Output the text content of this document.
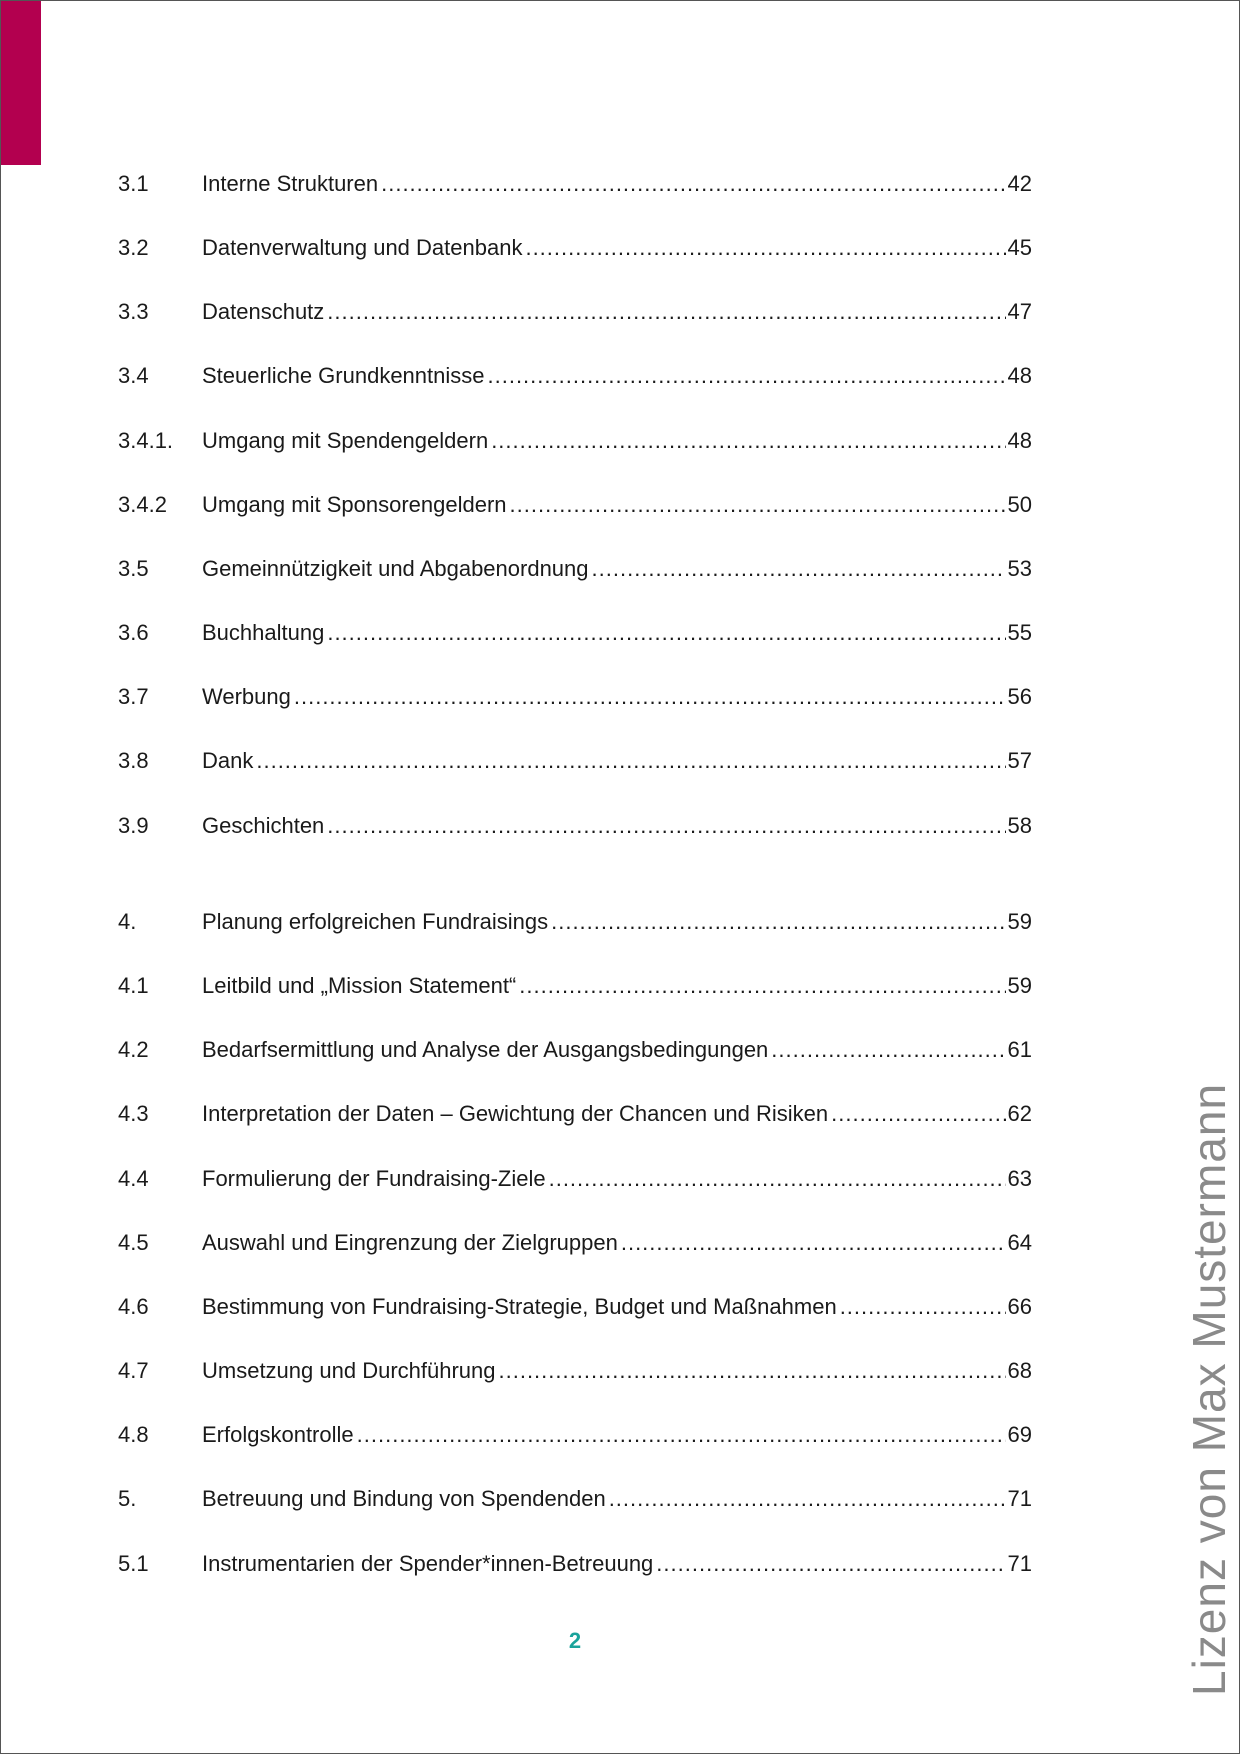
3.1	Interne Strukturen .....	42
3.2	Datenverwaltung und Datenbank .....	45
3.3	Datenschutz .....	47
3.4	Steuerliche Grundkenntnisse .....	48
3.4.1.	Umgang mit Spendengeldern .....	48
3.4.2	Umgang mit Sponsorengeldern .....	50
3.5	Gemeinnützigkeit und Abgabenordnung .....	53
3.6	Buchhaltung .....	55
3.7	Werbung .....	56
3.8	Dank .....	57
3.9	Geschichten .....	58
4.	Planung erfolgreichen Fundraisings .....	59
4.1	Leitbild und „Mission Statement“ .....	59
4.2	Bedarfsermittlung und Analyse der Ausgangsbedingungen .....	61
4.3	Interpretation der Daten – Gewichtung der Chancen und Risiken .....	62
4.4	Formulierung der Fundraising-Ziele .....	63
4.5	Auswahl und Eingrenzung der Zielgruppen .....	64
4.6	Bestimmung von Fundraising-Strategie, Budget und Maßnahmen .....	66
4.7	Umsetzung und Durchführung .....	68
4.8	Erfolgskontrolle .....	69
5.	Betreuung und Bindung von Spendenden .....	71
5.1	Instrumentarien der Spender*innen-Betreuung .....	71
2	Lizenz von Max Mustermann
